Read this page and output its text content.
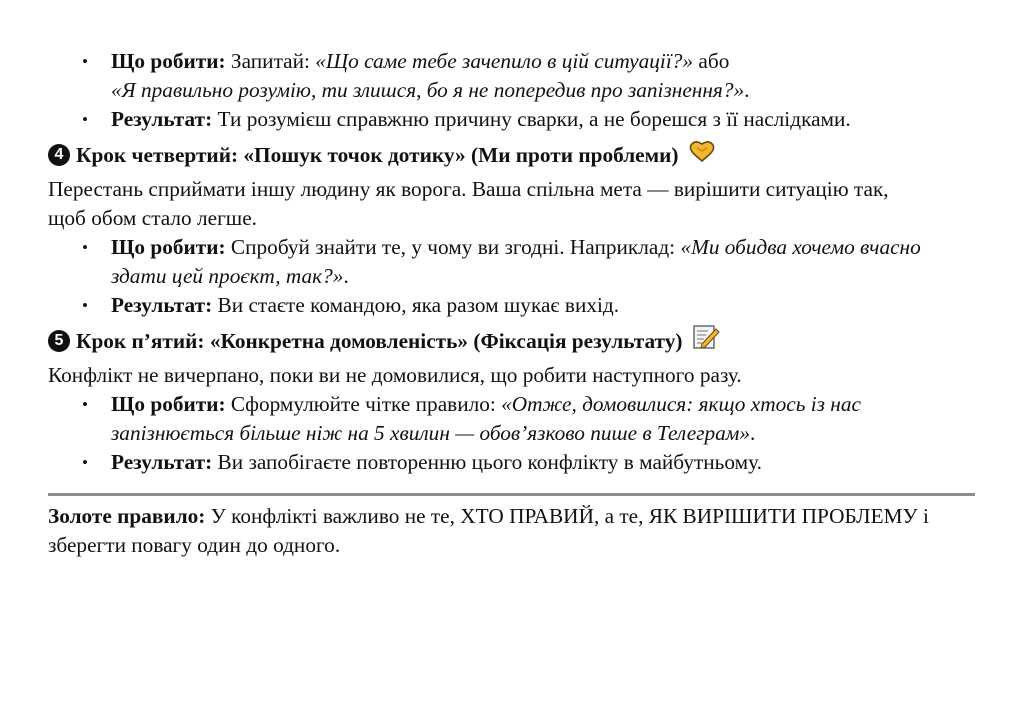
• Що робити: Запитай: «Що саме тебе зачепило в цій ситуації?» або
«Я правильно розумію, ти злишся, бо я не попередив про запізнення?».
• Результат: Ти розумієш справжню причину сварки, а не борешся з її наслідками.
4 Крок четвертий: «Пошук точок дотику» (Ми проти проблеми)

Перестань сприймати іншу людину як ворога. Ваша спільна мета — вирішити ситуацію так, щоб обом стало легше.

• Що робити: Спробуй знайти те, у чому ви згодні. Наприклад: «Ми обидва хочемо вчасно здати цей проєкт, так?».
• Результат: Ви стаєте командою, яка разом шукає вихід.
5 Крок п’ятий: «Конкретна домовленість» (Фіксація результату)

Конфлікт не вичерпано, поки ви не домовилися, що робити наступного разу.

• Що робити: Сформулюйте чітке правило: «Отже, домовилися: якщо хтось із нас запізнюється більше ніж на 5 хвилин — обов’язково пише в Телеграм».
• Результат: Ви запобігаєте повторенню цього конфлікту в майбутньому.

Золоте правило: У конфлікті важливо не те, ХТО ПРАВИЙ, а те, ЯК ВИРІШИТИ ПРОБЛЕМУ і зберегти повагу один до одного.
